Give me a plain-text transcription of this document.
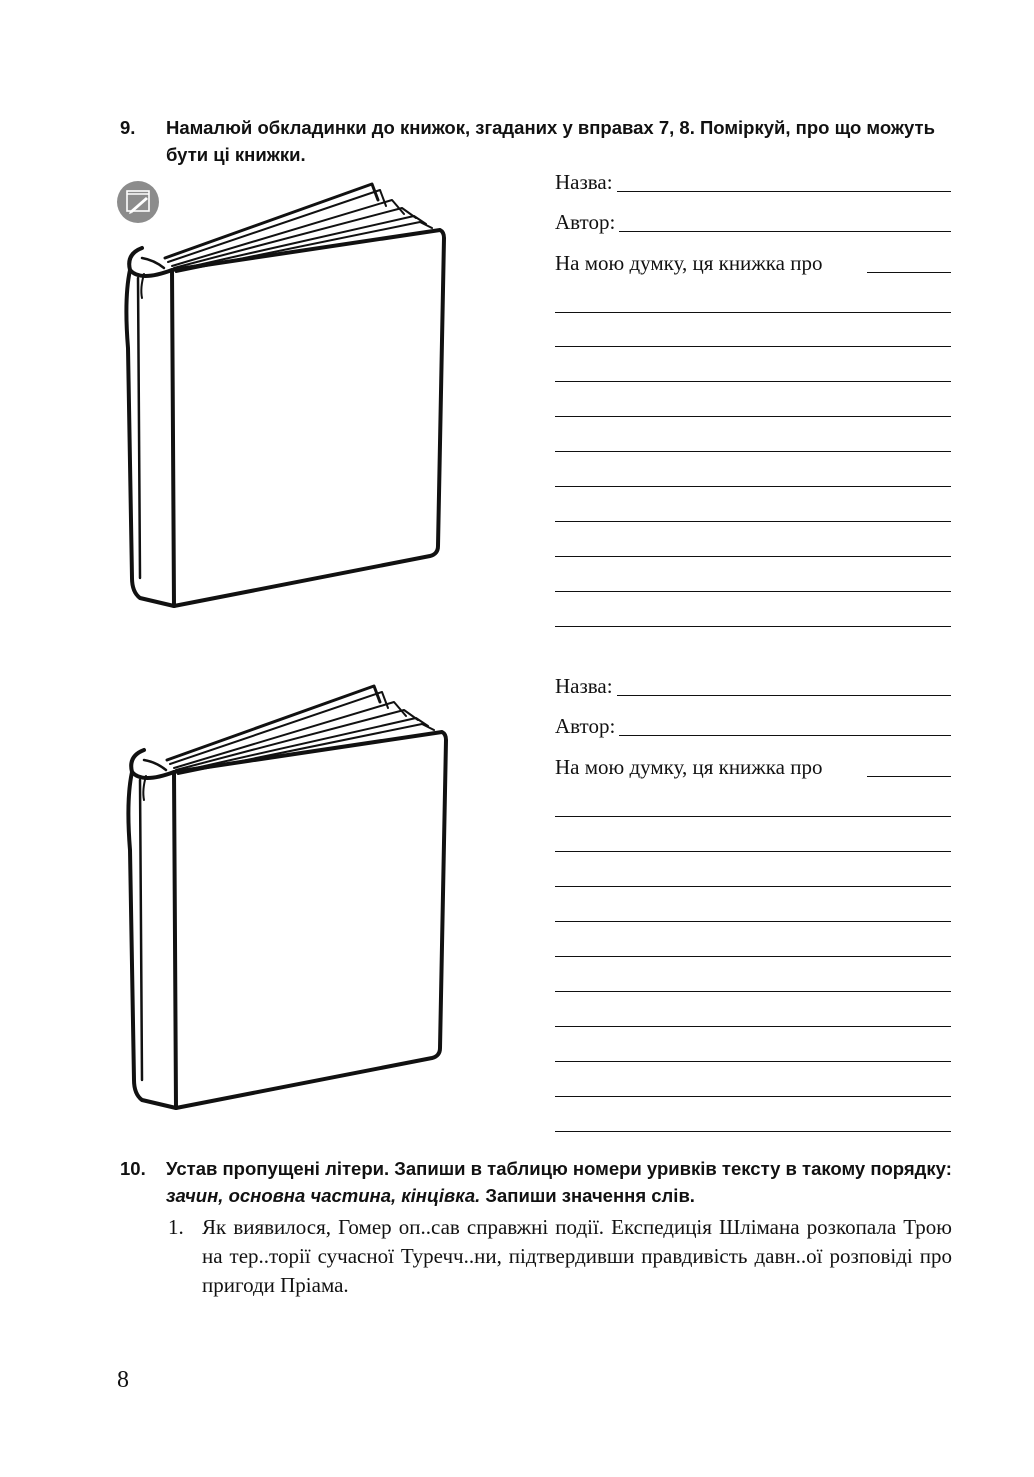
9. Намалюй обкладинки до книжок, згаданих у вправах 7, 8. Поміркуй, про що можуть бути ці книжки.
Назва:
Автор:
На мою думку, ця книжка про
Назва:
Автор:
На мою думку, ця книжка про
10. Устав пропущені літери. Запиши в таблицю номери уривків тексту в такому порядку: зачин, основна частина, кінцівка. Запиши значення слів.
1. Як виявилося, Гомер оп..сав справжні події. Експедиція Шлімана розкопала Трою на тер..торії сучасної Туречч..ни, підтвердивши правдивість давн..ої розповіді про пригоди Пріама.
8
